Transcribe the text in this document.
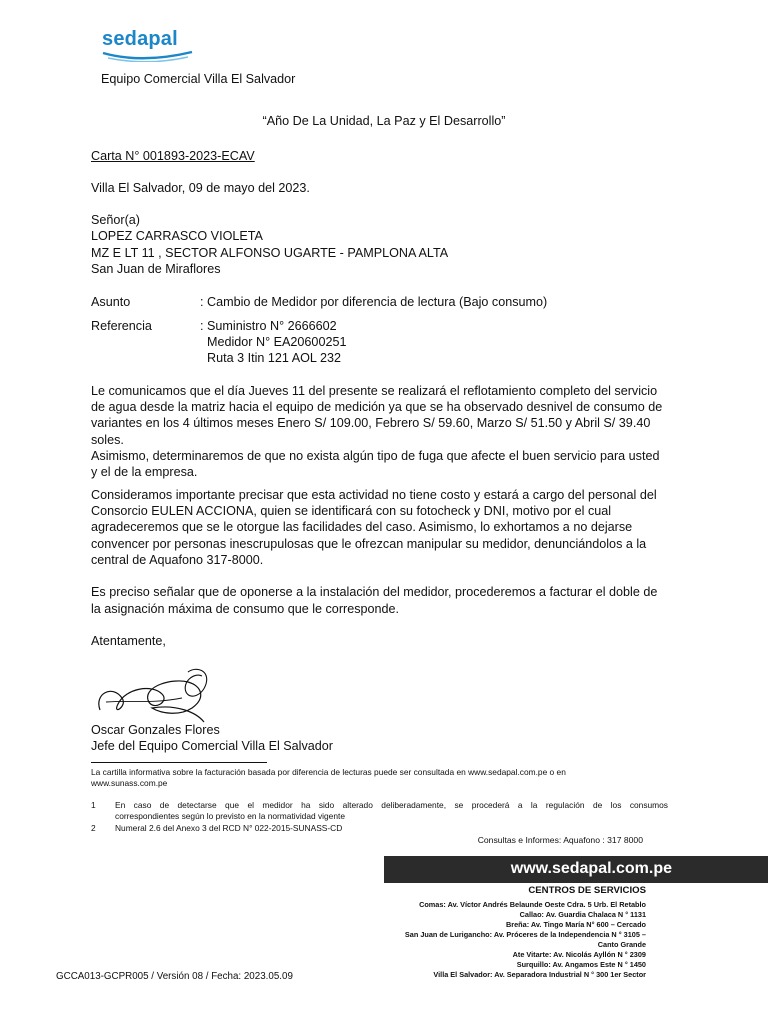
sedapal
Equipo Comercial Villa El Salvador
“Año De La Unidad, La Paz y El Desarrollo”
Carta N° 001893-2023-ECAV
Villa El Salvador, 09 de mayo del 2023.
Señor(a)
LOPEZ CARRASCO VIOLETA
MZ E LT 11 , SECTOR ALFONSO UGARTE - PAMPLONA ALTA
San Juan de Miraflores
Asunto	: Cambio de Medidor por diferencia de lectura (Bajo consumo)
Referencia	: Suministro N° 2666602
Medidor N° EA20600251
Ruta 3 Itin 121 AOL 232
Le comunicamos que el día Jueves 11 del presente se realizará el reflotamiento completo del servicio
de agua desde la matriz hacia el equipo de medición ya que se ha observado desnivel de consumo de
variantes en los 4 últimos meses Enero S/ 109.00, Febrero S/ 59.60, Marzo S/ 51.50 y Abril S/ 39.40
soles.
Asimismo, determinaremos de que no exista algún tipo de fuga que afecte el buen servicio para usted
y el de la empresa.
Consideramos importante precisar que esta actividad no tiene costo y estará a cargo del personal del
Consorcio EULEN ACCIONA, quien se identificará con su fotocheck y DNI, motivo por el cual
agradeceremos que se le otorgue las facilidades del caso. Asimismo, lo exhortamos a no dejarse
convencer por personas inescrupulosas que le ofrezcan manipular su medidor, denunciándolos a la
central de Aquafono 317-8000.
Es preciso señalar que de oponerse a la instalación del medidor, procederemos a facturar el doble de
la asignación máxima de consumo que le corresponde.
Atentamente,
Oscar Gonzales Flores
Jefe del Equipo Comercial Villa El Salvador
La cartilla informativa sobre la facturación basada por diferencia de lecturas puede ser consultada en www.sedapal.com.pe o en
www.sunass.com.pe
1 En caso de detectarse que el medidor ha sido alterado deliberadamente, se procederá a la regulación de los consumos
correspondientes según lo previsto en la normatividad vigente
2 Numeral 2.6 del Anexo 3 del RCD N° 022-2015-SUNASS-CD
Consultas e Informes: Aquafono : 317 8000
www.sedapal.com.pe
CENTROS DE SERVICIOS
Comas: Av. Víctor Andrés Belaunde Oeste Cdra. 5 Urb. El Retablo
Callao: Av. Guardia Chalaca N ° 1131
Breña: Av. Tingo María N° 600 – Cercado
San Juan de Lurigancho: Av. Próceres de la Independencia N ° 3105 –
Canto Grande
Ate Vitarte: Av. Nicolás Ayllón N ° 2309
Surquillo: Av. Angamos Este N ° 1450
Villa El Salvador: Av. Separadora Industrial N ° 300 1er Sector
GCCA013-GCPR005 / Versión 08 / Fecha: 2023.05.09
